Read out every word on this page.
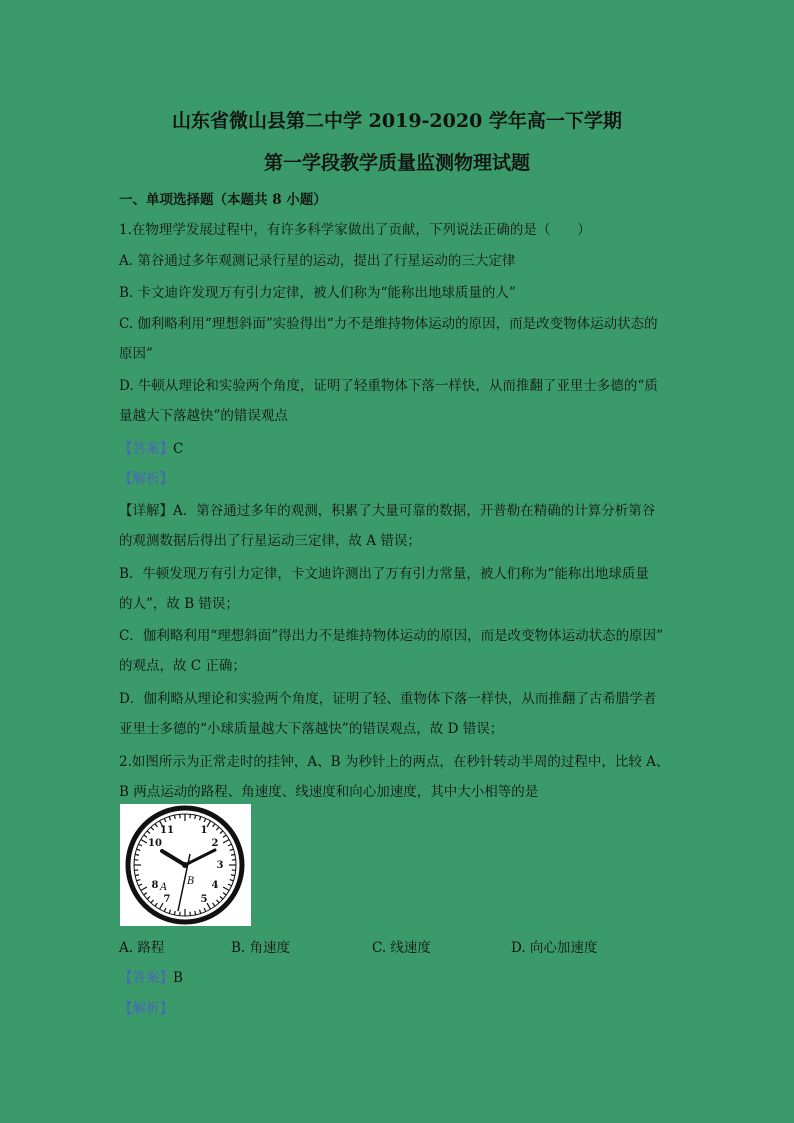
山东省微山县第二中学 2019-2020 学年高一下学期
第一学段教学质量监测物理试题
一、单项选择题（本题共 8 小题）
1.在物理学发展过程中，有许多科学家做出了贡献，下列说法正确的是（　　）
A. 第谷通过多年观测记录行星的运动，提出了行星运动的三大定律
B. 卡文迪许发现万有引力定律，被人们称为“能称出地球质量的人”
C. 伽利略利用“理想斜面”实验得出“力不是维持物体运动的原因，而是改变物体运动状态的
原因”
D. 牛顿从理论和实验两个角度，证明了轻重物体下落一样快，从而推翻了亚里士多德的“质
量越大下落越快”的错误观点
【答案】C
【解析】
【详解】A．第谷通过多年的观测，积累了大量可靠的数据，开普勒在精确的计算分析第谷
的观测数据后得出了行星运动三定律，故 A 错误；
B．牛顿发现万有引力定律，卡文迪许测出了万有引力常量，被人们称为“能称出地球质量
的人”，故 B 错误；
C．伽利略利用“理想斜面”得出力不是维持物体运动的原因，而是改变物体运动状态的原因”
的观点，故 C 正确；
D．伽利略从理论和实验两个角度，证明了轻、重物体下落一样快，从而推翻了古希腊学者
亚里士多德的“小球质量越大下落越快”的错误观点，故 D 错误；
2.如图所示为正常走时的挂钟，A、B 为秒针上的两点，在秒针转动半周的过程中，比较 A、
B 两点运动的路程、角速度、线速度和向心加速度，其中大小相等的是
10
11	1
2
3
4
5
7
8 A
B
A. 路程	B. 角速度	C. 线速度	D. 向心加速度
【答案】B
【解析】
